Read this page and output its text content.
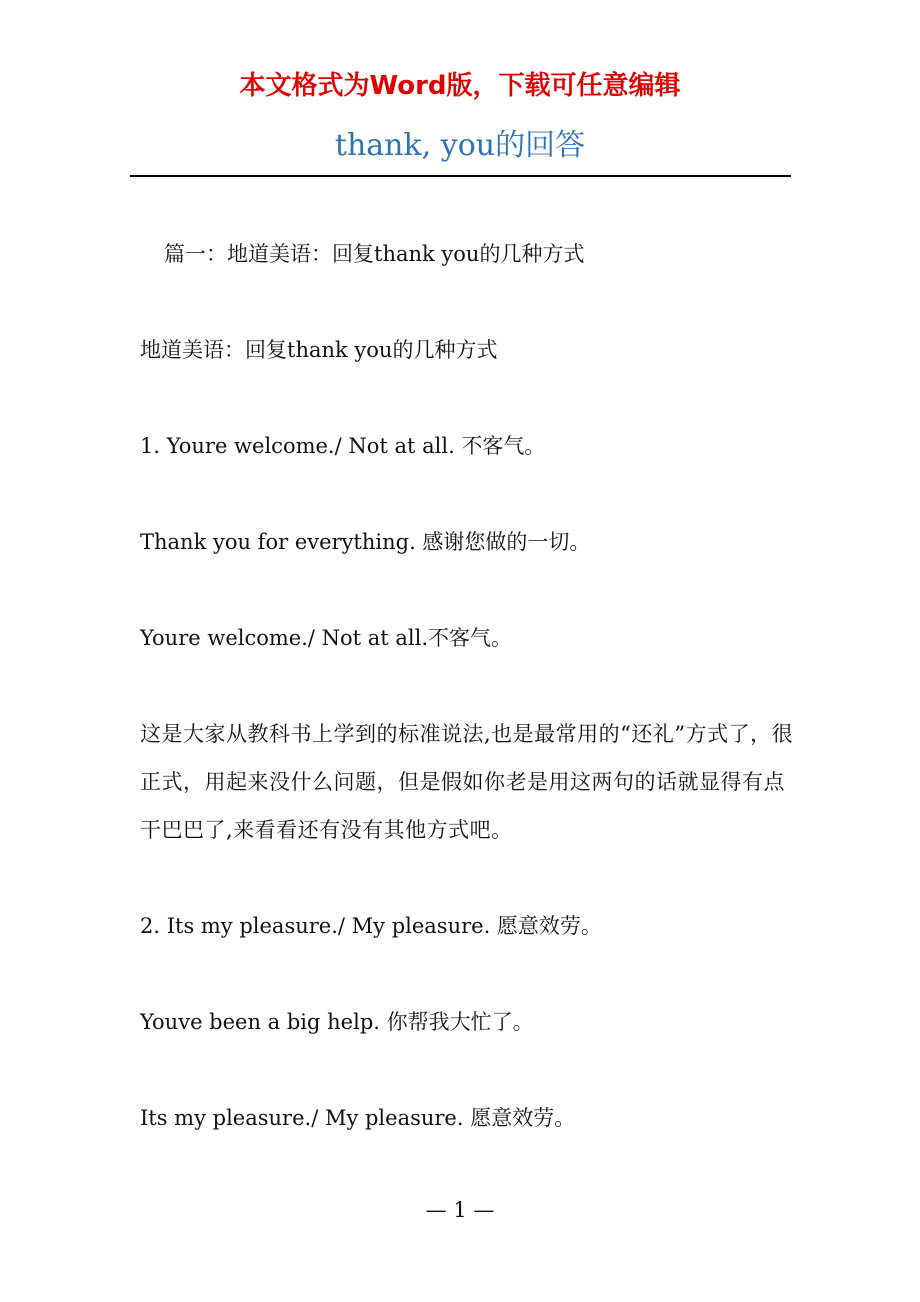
本文格式为Word版，下载可任意编辑
thank, you的回答

篇一：地道美语：回复thank you的几种方式

地道美语：回复thank you的几种方式

1. Youre welcome./ Not at all. 不客气。

Thank you for everything. 感谢您做的一切。

Youre welcome./ Not at all.不客气。

这是大家从教科书上学到的标准说法,也是最常用的“还礼”方式了，很正式，用起来没什么问题，但是假如你老是用这两句的话就显得有点干巴巴了,来看看还有没有其他方式吧。

2. Its my pleasure./ My pleasure. 愿意效劳。

Youve been a big help. 你帮我大忙了。

Its my pleasure./ My pleasure. 愿意效劳。

— 1 —
